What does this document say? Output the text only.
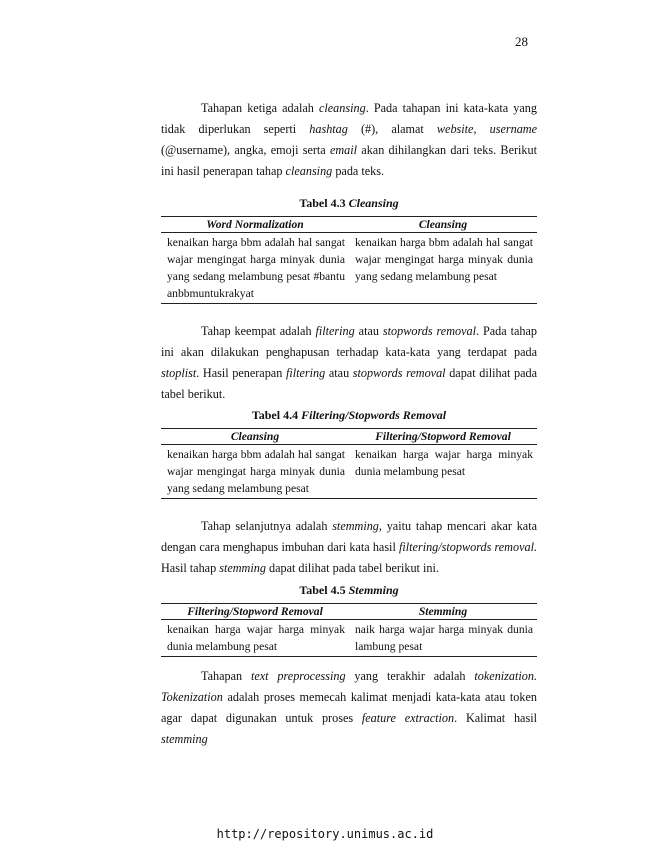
28

Tahapan ketiga adalah cleansing. Pada tahapan ini kata-kata yang tidak diperlukan seperti hashtag (#), alamat website, username (@username), angka, emoji serta email akan dihilangkan dari teks. Berikut ini hasil penerapan tahap cleansing pada teks.

Tabel 4.3 Cleansing

Word Normalization	Cleansing
kenaikan harga bbm adalah hal sangat wajar mengingat harga minyak dunia yang sedang melambung pesat #bantuanbbmuntukrakyat	kenaikan harga bbm adalah hal sangat wajar mengingat harga minyak dunia yang sedang melambung pesat

Tahap keempat adalah filtering atau stopwords removal. Pada tahap ini akan dilakukan penghapusan terhadap kata-kata yang terdapat pada stoplist. Hasil penerapan filtering atau stopwords removal dapat dilihat pada tabel berikut.

Tabel 4.4 Filtering/Stopwords Removal

Cleansing	Filtering/Stopword Removal
kenaikan harga bbm adalah hal sangat wajar mengingat harga minyak dunia yang sedang melambung pesat	kenaikan harga wajar harga minyak dunia melambung pesat

Tahap selanjutnya adalah stemming, yaitu tahap mencari akar kata dengan cara menghapus imbuhan dari kata hasil filtering/stopwords removal. Hasil tahap stemming dapat dilihat pada tabel berikut ini.

Tabel 4.5 Stemming

Filtering/Stopword Removal	Stemming
kenaikan harga wajar harga minyak dunia melambung pesat	naik harga wajar harga minyak dunia lambung pesat

Tahapan text preprocessing yang terakhir adalah tokenization. Tokenization adalah proses memecah kalimat menjadi kata-kata atau token agar dapat digunakan untuk proses feature extraction. Kalimat hasil stemming

http://repository.unimus.ac.id
